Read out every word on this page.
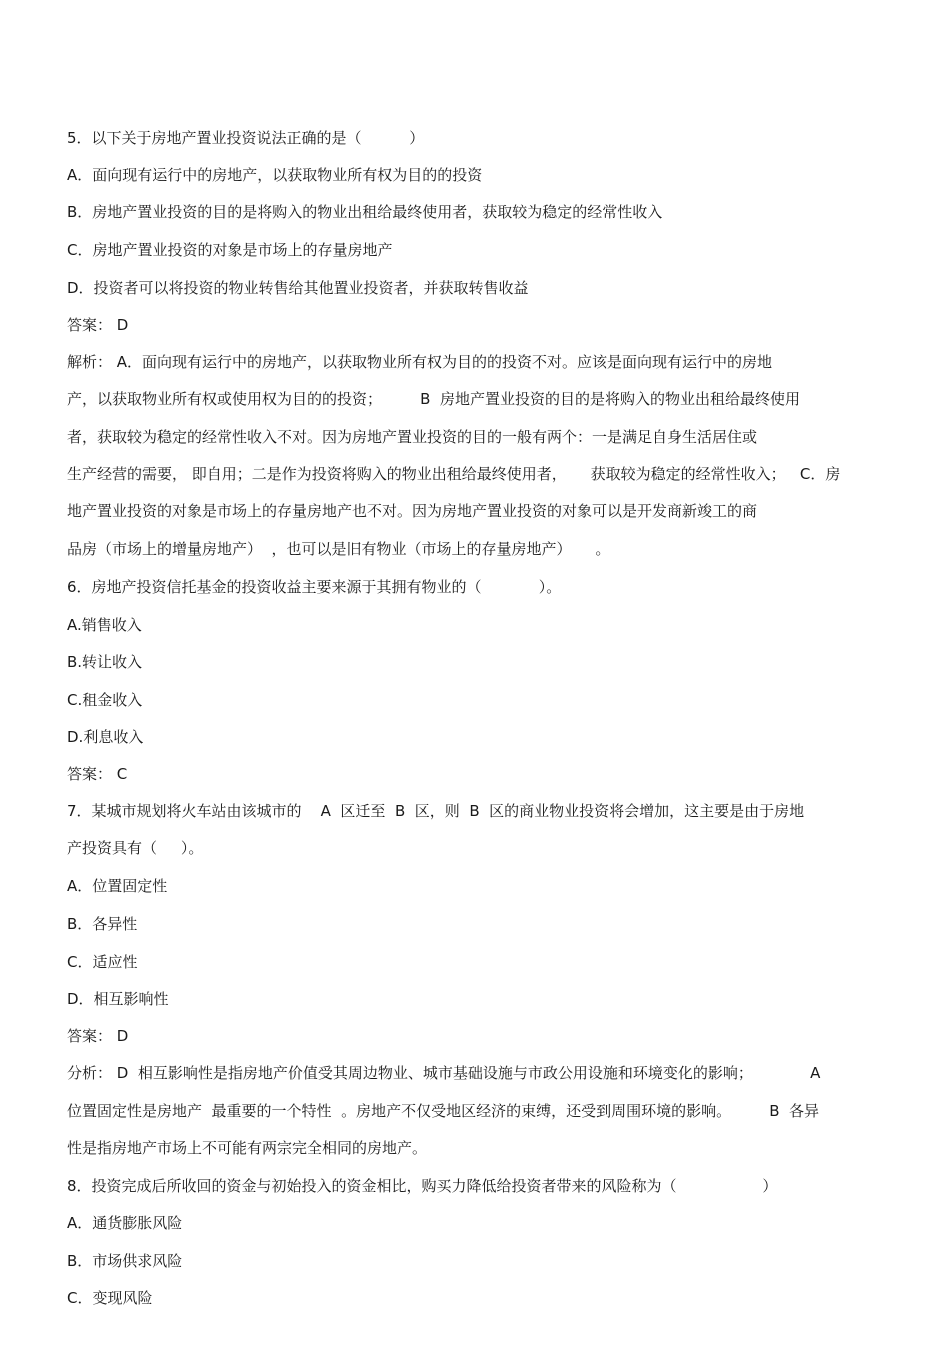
5．以下关于房地产置业投资说法正确的是（          ）
A．面向现有运行中的房地产，以获取物业所有权为目的的投资
B．房地产置业投资的目的是将购入的物业出租给最终使用者，获取较为稳定的经常性收入
C．房地产置业投资的对象是市场上的存量房地产
D．投资者可以将投资的物业转售给其他置业投资者，并获取转售收益
答案： D
解析： A．面向现有运行中的房地产，以获取物业所有权为目的的投资不对。应该是面向现有运行中的房地
产，以获取物业所有权或使用权为目的的投资；        B  房地产置业投资的目的是将购入的物业出租给最终使用
者，获取较为稳定的经常性收入不对。因为房地产置业投资的目的一般有两个：一是满足自身生活居住或
生产经营的需要， 即自用；二是作为投资将购入的物业出租给最终使用者，     获取较为稳定的经常性收入；   C．房
地产置业投资的对象是市场上的存量房地产也不对。因为房地产置业投资的对象可以是开发商新竣工的商
品房（市场上的增量房地产）  ，也可以是旧有物业（市场上的存量房地产）     。
6．房地产投资信托基金的投资收益主要来源于其拥有物业的（            ）。
A.销售收入
B.转让收入
C.租金收入
D.利息收入
答案： C
7．某城市规划将火车站由该城市的    A  区迁至  B  区，则  B  区的商业物业投资将会增加，这主要是由于房地
产投资具有（     ）。
A．位置固定性
B．各异性
C．适应性
D．相互影响性
答案： D
分析： D  相互影响性是指房地产价值受其周边物业、城市基础设施与市政公用设施和环境变化的影响；            A
位置固定性是房地产  最重要的一个特性  。房地产不仅受地区经济的束缚，还受到周围环境的影响。        B  各异
性是指房地产市场上不可能有两宗完全相同的房地产。
8．投资完成后所收回的资金与初始投入的资金相比，购买力降低给投资者带来的风险称为（                  ）
A．通货膨胀风险
B．市场供求风险
C．变现风险
